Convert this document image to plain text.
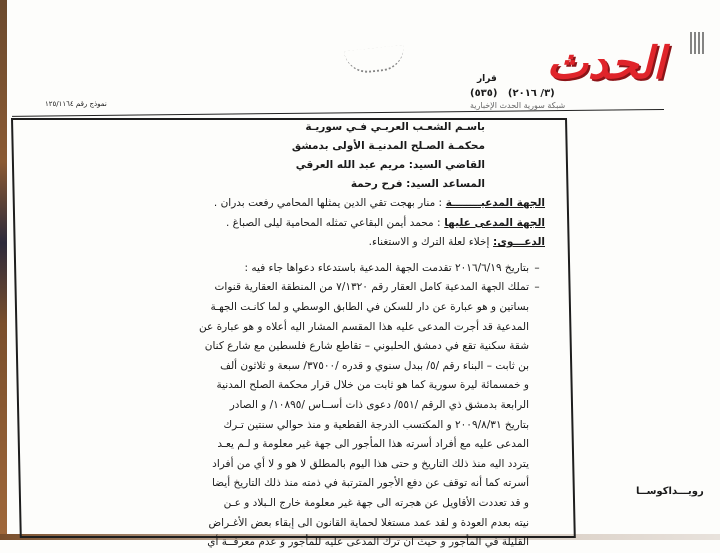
نموذج رقم ١٢٥/١١٦٤
قرار
(٣/ ٢٠١٦)   (٥٣٥)
شبكة سورية الحدث الإخبارية
الحدث
باسـم الشعـب العربـي فـي سوريـة
محكمـة الصـلح المدنيـة الأولى بدمشق
القاضي السيد: مريم عبد الله العرقي
المساعد السيد: فرح رحمة
الجهة المدعيــــــــة : منار بهجت تقي الدين يمثلها المحامي رفعت بدران .
الجهة المدعى عليها : محمد أيمن البقاعي تمثله المحامية ليلى الصباغ .
الدعـــوى: إخلاء لعلة الترك و الاستغناء.
–بتاريخ ٢٠١٦/٦/١٩ تقدمت الجهة المدعية باستدعاء دعواها جاء فيه :
–تملك الجهة المدعية كامل العقار رقم ٧/١٣٢٠ من المنطقة العقارية قنوات
بساتين و هو عبارة عن دار للسكن في الطابق الوسطي و لما كانـت الجهـة
المدعية قد أجرت المدعى عليه هذا المقسم المشار اليه أعلاه و هو عبارة عن
شقة سكنية تقع في دمشق الحلبوني – تقاطع شارع فلسطين مع شارع كنان
بن ثابت – البناء رقم /٥/ ببدل سنوي و قدره /٣٧٥٠٠/ سبعة و ثلاثون ألف
و خمسمائة ليرة سورية كما هو ثابت من خلال قرار محكمة الصلح المدنية
الرابعة بدمشق ذي الرقم /٥٥١/ دعوى ذات أســاس /١٠٨٩٥/ و الصادر
بتاريخ ٢٠٠٩/٨/٣١ و المكتسب الدرجة القطعية و منذ حوالي سنتين تـرك
المدعى عليه مع أفراد أسرته هذا المأجور الى جهة غير معلومة و لـم يعـد
يتردد اليه منذ ذلك التاريخ و حتى هذا اليوم بالمطلق لا هو و لا أي من أفراد
أسرته كما أنه توقف عن دفع الأجور المترتبة في ذمته منذ ذلك التاريخ أيضا
و قد تعددت الأقاويل عن هجرته الى جهة غير معلومة خارج الـبلاد و عـن
نيته بعدم العودة و لقد عمد مستغلا لحماية القانون الى إبقاء بعض الأغـراض
القليلة في المأجور و حيث ان ترك المدعى عليه للمأجور و عدم معرفــة أي
رويـــداكوســا
